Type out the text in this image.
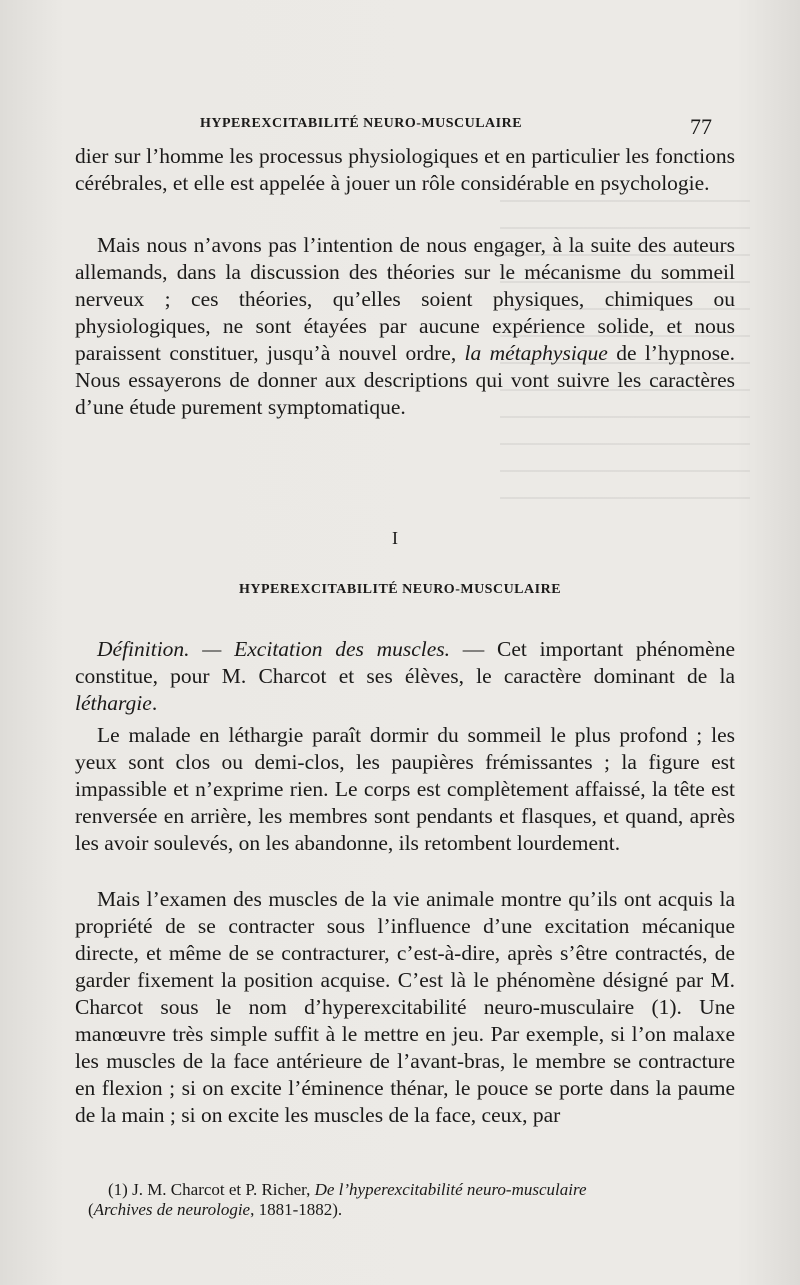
HYPEREXCITABILITÉ NEURO-MUSCULAIRE	77

dier sur l’homme les processus physiologiques et en particulier les fonctions cérébrales, et elle est appelée à jouer un rôle considérable en psychologie.

Mais nous n’avons pas l’intention de nous engager, à la suite des auteurs allemands, dans la discussion des théories sur le mécanisme du sommeil nerveux ; ces théories, qu’elles soient physiques, chimiques ou physiologiques, ne sont étayées par aucune expérience solide, et nous paraissent constituer, jusqu’à nouvel ordre, la métaphysique de l’hypnose. Nous essayerons de donner aux descriptions qui vont suivre les caractères d’une étude purement symptomatique.

I
HYPEREXCITABILITÉ NEURO-MUSCULAIRE

Définition. — Excitation des muscles. — Cet important phénomène constitue, pour M. Charcot et ses élèves, le caractère dominant de la léthargie.

Le malade en léthargie paraît dormir du sommeil le plus profond ; les yeux sont clos ou demi-clos, les paupières frémissantes ; la figure est impassible et n’exprime rien. Le corps est complètement affaissé, la tête est renversée en arrière, les membres sont pendants et flasques, et quand, après les avoir soulevés, on les abandonne, ils retombent lourdement.

Mais l’examen des muscles de la vie animale montre qu’ils ont acquis la propriété de se contracter sous l’influence d’une excitation mécanique directe, et même de se contracturer, c’est-à-dire, après s’être contractés, de garder fixement la position acquise. C’est là le phénomène désigné par M. Charcot sous le nom d’hyperexcitabilité neuro-musculaire (1). Une manœuvre très simple suffit à le mettre en jeu. Par exemple, si l’on malaxe les muscles de la face antérieure de l’avant-bras, le membre se contracture en flexion ; si on excite l’éminence thénar, le pouce se porte dans la paume de la main ; si on excite les muscles de la face, ceux, par

(1) J. M. Charcot et P. Richer, De l’hyperexcitabilité neuro-musculaire
(Archives de neurologie, 1881-1882).
